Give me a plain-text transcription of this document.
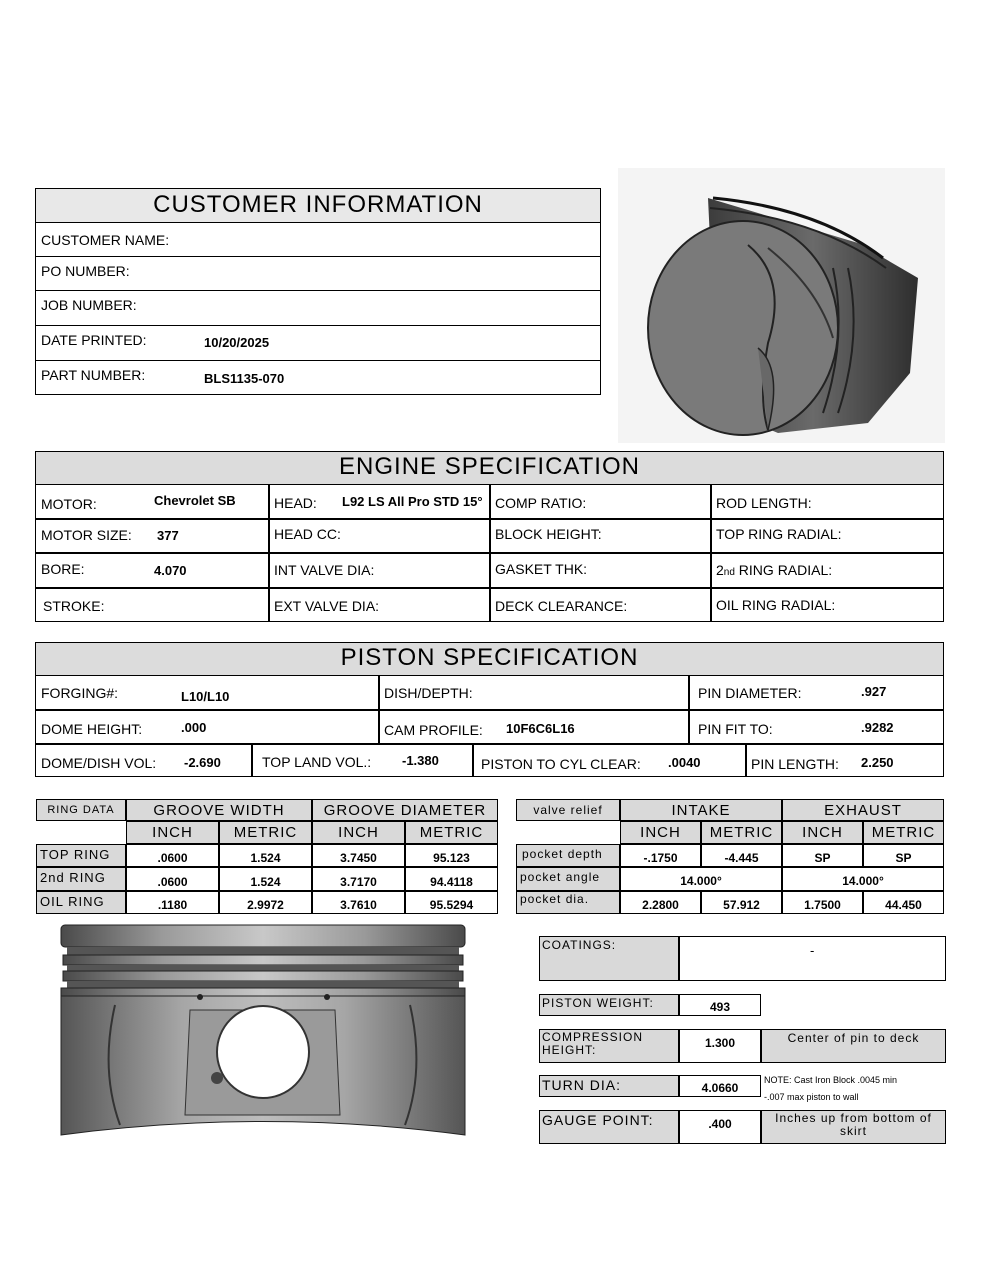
CUSTOMER INFORMATION
CUSTOMER NAME:
PO NUMBER:
JOB NUMBER:
DATE PRINTED:	10/20/2025
PART NUMBER:	BLS1135-070
ENGINE SPECIFICATION
MOTOR:	Chevrolet SB	HEAD: L92 LS All Pro STD 15° COMP RATIO:	ROD LENGTH:
MOTOR SIZE: 377	HEAD CC:	BLOCK HEIGHT:	TOP RING RADIAL:
BORE:	4.070	INT VALVE DIA:	GASKET THK:	2nd RING RADIAL:
STROKE:	EXT VALVE DIA:	DECK CLEARANCE:	OIL RING RADIAL:
PISTON SPECIFICATION
FORGING#:	L10/L10	DISH/DEPTH:	PIN DIAMETER:	.927
DOME HEIGHT:	.000	CAM PROFILE: 10F6C6L16	PIN FIT TO:	.9282
DOME/DISH VOL: -2.690	TOP LAND VOL.: -1.380	PISTON TO CYL CLEAR: .0040	PIN LENGTH: 2.250
RING DATA	GROOVE WIDTH	GROOVE DIAMETER
INCH	METRIC	INCH	METRIC
TOP RING	.0600	1.524	3.7450	95.123
2nd RING	.0600	1.524	3.7170	94.4118
OIL RING	.1180	2.9972	3.7610	95.5294
valve relief	INTAKE	EXHAUST
INCH	METRIC	INCH	METRIC
pocket depth	-.1750	-4.445	SP	SP
pocket angle	14.000°	14.000°
pocket dia.	2.2800	57.912	1.7500	44.450
COATINGS:	-
PISTON WEIGHT:	493
COMPRESSION HEIGHT:	1.300	Center of pin to deck
TURN DIA:	4.0660
NOTE: Cast Iron Block .0045 min
-.007 max piston to wall
GAUGE POINT:	.400	Inches up from bottom of skirt
